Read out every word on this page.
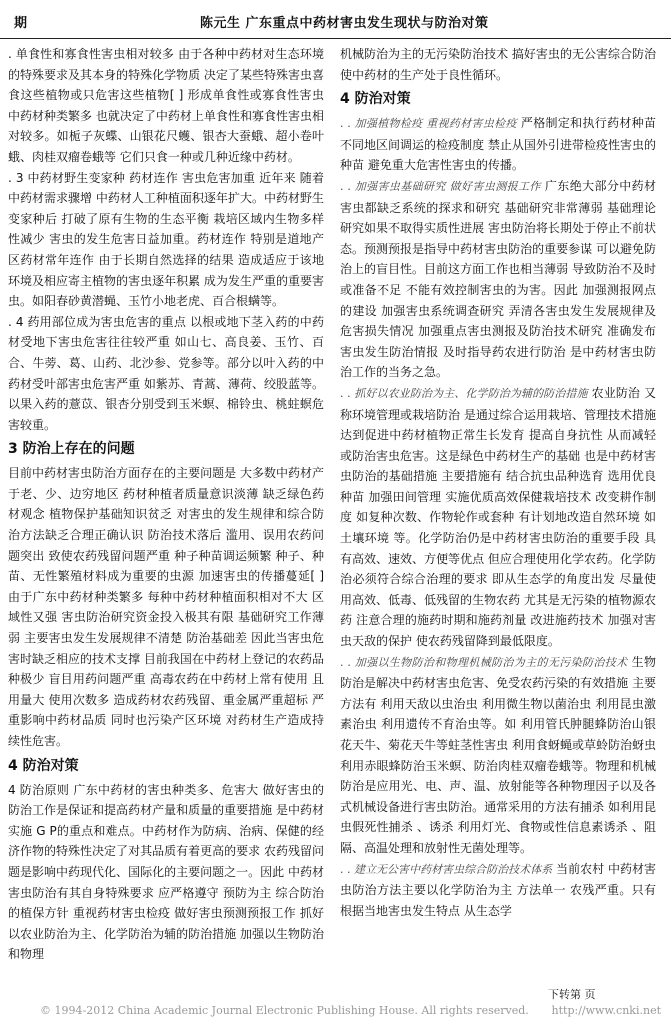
期	陈元生 广东重点中药材害虫发生现状与防治对策

. 单食性和寡食性害虫相对较多 由于各种中药材对生态环境的特殊要求及其本身的特殊化学物质 决定了某些特殊害虫喜食这些植物或只危害这些植物[ ] 形成单食性或寡食性害虫 中药材种类繁多 也就决定了中药材上单食性和寡食性害虫相对较多。如栀子灰蝶、山银花尺蠖、银杏大蚕蛾、超小卷叶蛾、肉桂双瘤卷蛾等 它们只食一种或几种近缘中药材。

. 3 中药材野生变家种 药材连作 害虫危害加重 近年来 随着中药材需求骤增 中药材人工种植面积逐年扩大。中药材野生变家种后 打破了原有生物的生态平衡 栽培区域内生物多样性减少 害虫的发生危害日益加重。药材连作 特别是道地产区药材常年连作 由于长期自然选择的结果 造成适应于该地环境及相应寄主植物的害虫逐年积累 成为发生严重的重要害虫。如阳春砂黄潜蝇、玉竹小地老虎、百合根螨等。

. 4 药用部位成为害虫危害的重点 以根或地下茎入药的中药材受地下害虫危害往往较严重 如山七、高良姜、玉竹、百合、牛蒡、葛、山药、北沙参、党参等。部分以叶入药的中药材受叶部害虫危害严重 如紫苏、青蒿、薄荷、绞股蓝等。以果入药的薏苡、银杏分别受到玉米螟、棉铃虫、桃蛀螟危害较重。

3 防治上存在的问题

目前中药材害虫防治方面存在的主要问题是 大多数中药材产于老、少、边穷地区 药材种植者质量意识淡薄 缺乏绿色药材观念 植物保护基础知识贫乏 对害虫的发生规律和综合防治方法缺乏合理正确认识 防治技术落后 滥用、误用农药问题突出 致使农药残留问题严重 种子种苗调运频繁 种子、种苗、无性繁殖材料成为重要的虫源 加速害虫的传播蔓延[ ] 由于广东中药材种类繁多 每种中药材种植面积相对不大 区域性又强 害虫防治研究资金投入极其有限 基础研究工作薄弱 主要害虫发生发展规律不清楚 防治基础差 因此当害虫危害时缺乏相应的技术支撑 目前我国在中药材上登记的农药品种极少 盲目用药问题严重 高毒农药在中药材上常有使用 且用量大 使用次数多 造成药材农药残留、重金属严重超标 严重影响中药材品质 同时也污染产区环境 对药材生产造成持续性危害。

4 防治对策

4 防治原则 广东中药材的害虫种类多、危害大 做好害虫的防治工作是保证和提高药材产量和质量的重要措施 是中药材实施 G P的重点和难点。中药材作为防病、治病、保健的经济作物的特殊性决定了对其品质有着更高的要求 农药残留问题是影响中药现代化、国际化的主要问题之一。因此 中药材害虫防治有其自身特殊要求 应严格遵守 预防为主 综合防治 的植保方针 重视药材害虫检疫 做好害虫预测预报工作 抓好以农业防治为主、化学防治为辅的防治措施 加强以生物防治和物理

机械防治为主的无污染防治技术 搞好害虫的无公害综合防治 使中药材的生产处于良性循环。

4 防治对策

. . 加强植物检疫 重视药材害虫检疫 严格制定和执行药材种苗不同地区间调运的检疫制度 禁止从国外引进带检疫性害虫的种苗 避免重大危害性害虫的传播。

. . 加强害虫基础研究 做好害虫测报工作 广东绝大部分中药材害虫都缺乏系统的探求和研究 基础研究非常薄弱 基础理论研究如果不取得实质性进展 害虫防治将长期处于停止不前状态。预测预报是指导中药材害虫防治的重要参谋 可以避免防治上的盲目性。目前这方面工作也相当薄弱 导致防治不及时或准备不足 不能有效控制害虫的为害。因此 加强测报网点的建设 加强害虫系统调查研究 弄清各害虫发生发展规律及危害损失情况 加强重点害虫测报及防治技术研究 准确发布害虫发生防治情报 及时指导药农进行防治 是中药材害虫防治工作的当务之急。

. . 抓好以农业防治为主、化学防治为辅的防治措施 农业防治 又称环境管理或栽培防治 是通过综合运用栽培、管理技术措施 达到促进中药材植物正常生长发育 提高自身抗性 从而减轻或防治害虫危害。这是绿色中药材生产的基础 也是中药材害虫防治的基础措施 主要措施有 结合抗虫品种选育 选用优良种苗 加强田间管理 实施优质高效保健栽培技术 改变耕作制度 如复种次数、作物轮作或套种 有计划地改造自然环境 如土壤环境 等。化学防治仍是中药材害虫防治的重要手段 具有高效、速效、方便等优点 但应合理使用化学农药。化学防治必须符合综合治理的要求 即从生态学的角度出发 尽量使用高效、低毒、低残留的生物农药 尤其是无污染的植物源农药 注意合理的施药时期和施药剂量 改进施药技术 加强对害虫天敌的保护 使农药残留降到最低限度。

. . 加强以生物防治和物理机械防治为主的无污染防治技术 生物防治是解决中药材害虫危害、免受农药污染的有效措施 主要方法有 利用天敌以虫治虫 利用微生物以菌治虫 利用昆虫激素治虫 利用遗传不育治虫等。如 利用管氏肿腿蜂防治山银花天牛、菊花天牛等蛀茎性害虫 利用食蚜蝇或草蛉防治蚜虫 利用赤眼蜂防治玉米螟、防治肉桂双瘤卷蛾等。物理和机械防治是应用光、电、声、温、放射能等各种物理因子以及各式机械设备进行害虫防治。通常采用的方法有捕杀 如利用昆虫假死性捕杀 、诱杀 利用灯光、食物或性信息素诱杀 、阻隔、高温处理和放射性无菌处理等。

. . 建立无公害中药材害虫综合防治技术体系 当前农村 中药材害虫防治方法主要以化学防治为主 方法单一 农残严重。只有根据当地害虫发生特点 从生态学

下转第 页
© 1994-2012 China Academic Journal Electronic Publishing House. All rights reserved. http://www.cnki.net
